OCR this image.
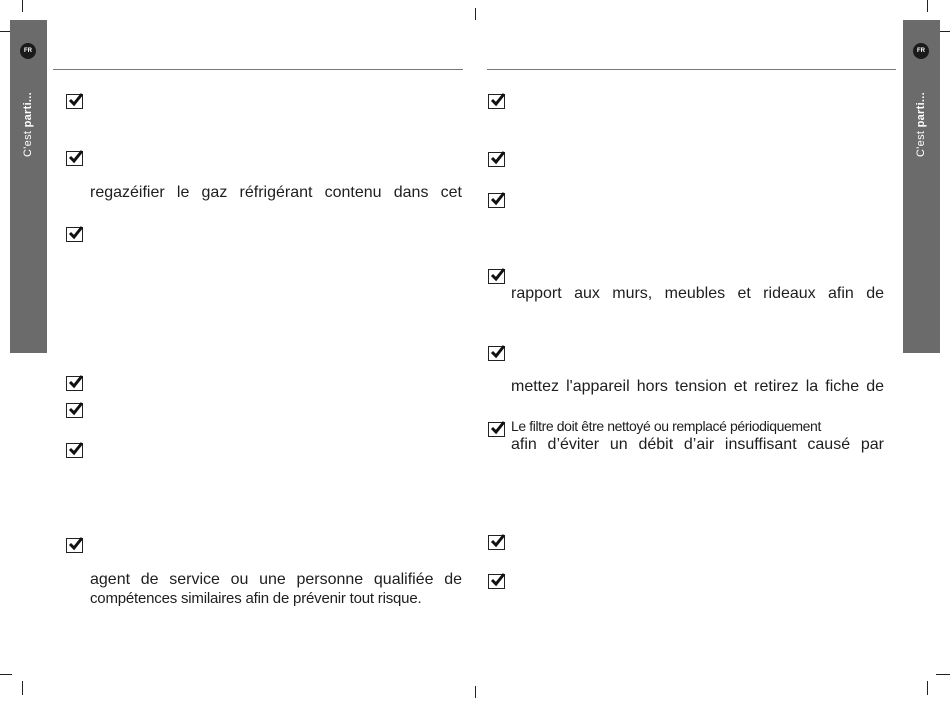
FR
C'est parti...
FR
C'est parti...
regazéifier le gaz réfrigérant contenu dans cet
agent de service ou une personne qualifiée de
compétences similaires afin de prévenir tout risque.
rapport aux murs, meubles et rideaux afin de
mettez l'appareil hors tension et retirez la fiche de
Le filtre doit être nettoyé ou remplacé périodiquement
afin d’éviter un débit d’air insuffisant causé par
